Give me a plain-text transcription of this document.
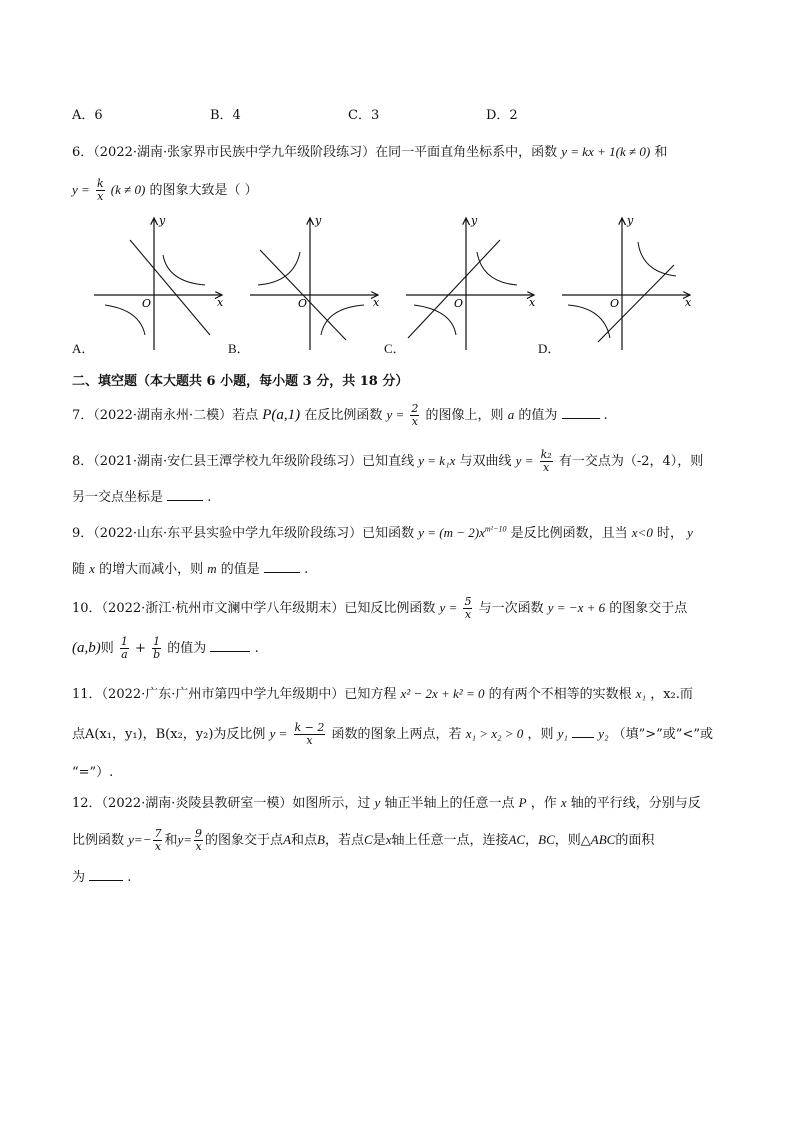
A．6	B．4	C．3	D．2
6．（2022·湖南·张家界市民族中学九年级阶段练习）在同一平面直角坐标系中，函数 y = kx + 1(k ≠ 0) 和
$y = \frac{k}{x} (k \ne 0)$ 的图象大致是（ ）
y
x
O
y
x
O
y
x
O
y
x
O
A．	B．	C．	D．
二、填空题（本大题共 6 小题，每小题 3 分，共 18 分）
7．（2022·湖南永州·二模）若点 P(a,1) 在反比例函数 $y = \frac{2}{x}$ 的图像上，则 a 的值为	.
8．（2021·湖南·安仁县王潭学校九年级阶段练习）已知直线 y = k₁x 与双曲线 $y = \frac{\text{k₂}}{x}$ 有一交点为（-2，4），则
另一交点坐标是	.
9．（2022·山东·东平县实验中学九年级阶段练习）已知函数 $y = (m - 2)x^{m^2-10}$ 是反比例函数，且当 x<0 时， y
随 x 的增大而减小，则 m 的值是	.
10．（2022·浙江·杭州市文澜中学八年级期末）已知反比例函数 $y = \frac{5}{x}$ 与一次函数 y = −x + 6 的图象交于点
(a,b)则 $\frac{1}{a} + \frac{1}{b}$ 的值为	.
11．（2022·广东·广州市第四中学九年级期中）已知方程 x² − 2x + k² = 0 的有两个不相等的实数根 x₁ ，x₂.而
点A(x₁，y₁)，B(x₂，y₂)为反比例 $y = \frac{k - 2}{x}$ 函数的图象上两点，若 x₁ > x₂ > 0 ，则 y₁ y₂ （填”>”或”<”或
“=”）.
12．（2022·湖南·炎陵县教研室一模）如图所示，过 y 轴正半轴上的任意一点 P ，作 x 轴的平行线，分别与反
比例函数 $y=- \frac{7}{x}$ 和$y= \frac{9}{x}$ 的图象交于点A和点B，若点C是x轴上任意一点，连接AC，BC，则△ABC的面积
为	.
